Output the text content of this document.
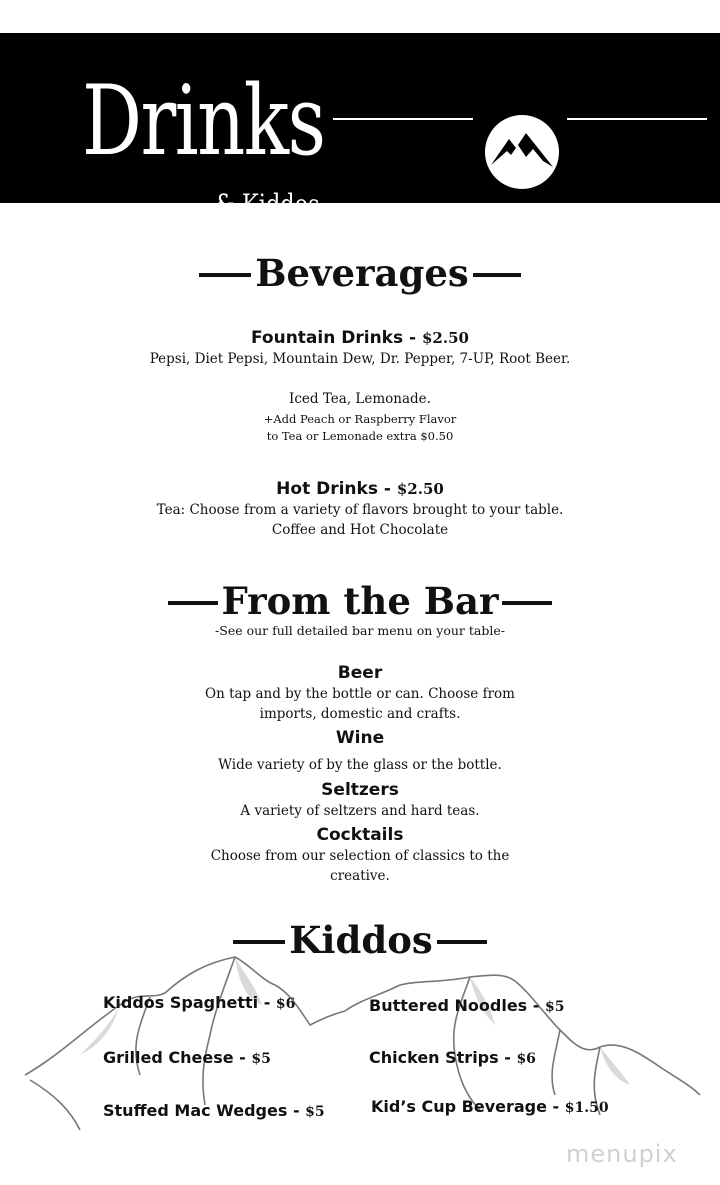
Drinks
& Kiddos
Beverages
Fountain Drinks - $2.50
Pepsi, Diet Pepsi, Mountain Dew, Dr. Pepper, 7-UP, Root Beer.
Iced Tea, Lemonade.
+Add Peach or Raspberry Flavor
to Tea or Lemonade extra $0.50
Hot Drinks - $2.50
Tea: Choose from a variety of flavors brought to your table.
Coffee and Hot Chocolate
From the Bar
-See our full detailed bar menu on your table-
Beer
On tap and by the bottle or can. Choose from
imports, domestic and crafts.
Wine
Wide variety of by the glass or the bottle.
Seltzers
A variety of seltzers and hard teas.
Cocktails
Choose from our selection of classics to the
creative.
Kiddos
Kiddos Spaghetti - $6	Buttered Noodles - $5
Grilled Cheese - $5	Chicken Strips - $6
Stuffed Mac Wedges - $5	Kid’s Cup Beverage - $1.50
menupix
